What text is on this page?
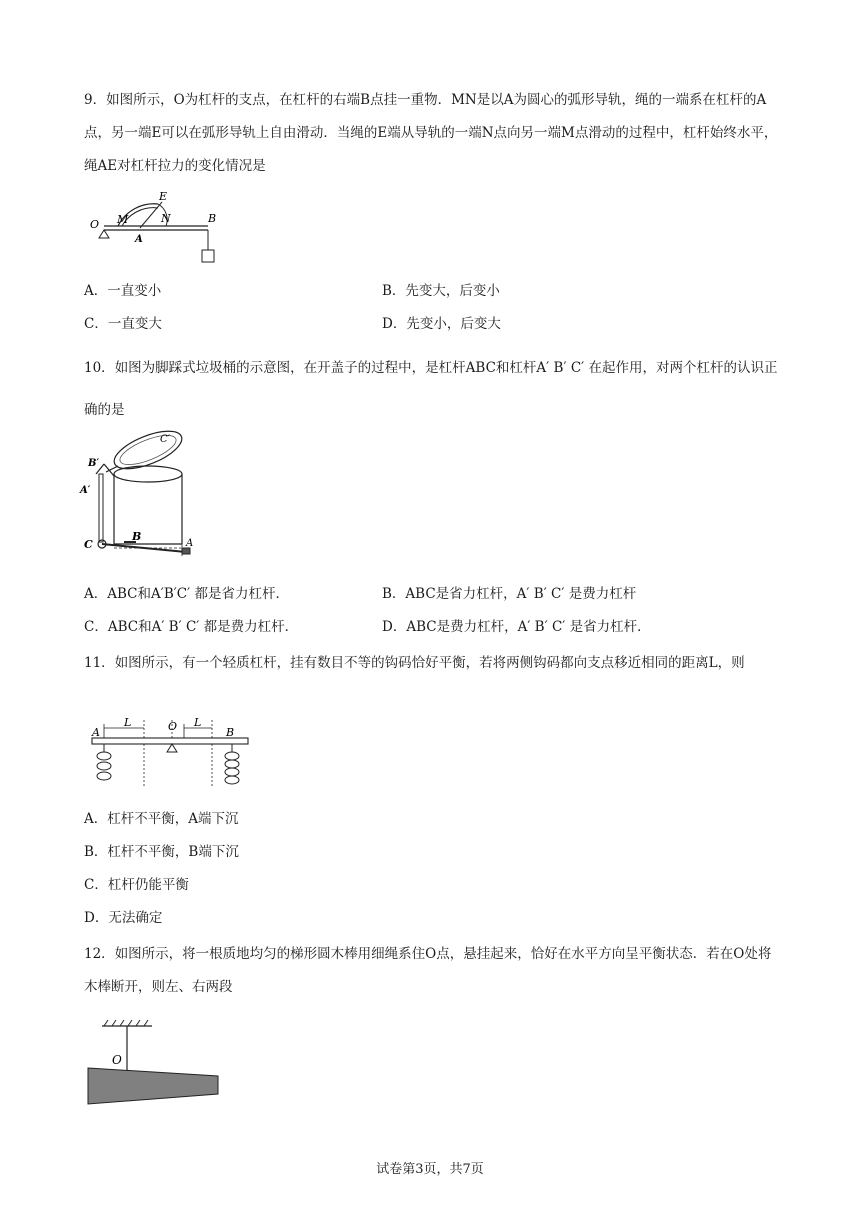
9．如图所示，O为杠杆的支点，在杠杆的右端B点挂一重物．MN是以A为圆心的弧形导轨，绳的一端系在杠杆的A点，另一端E可以在弧形导轨上自由滑动．当绳的E端从导轨的一端N点向另一端M点滑动的过程中，杠杆始终水平，绳AE对杠杆拉力的变化情况是
O M
E
N	B
A
A．一直变小	B．先变大，后变小
C．一直变大	D．先变小，后变大
10．如图为脚踩式垃圾桶的示意图，在开盖子的过程中，是杠杆ABC和杠杆A′ B′ C′ 在起作用，对两个杠杆的认识正确的是
C′
B′
A′
C
B
A
A．ABC和A′B′C′ 都是省力杠杆．	B．ABC是省力杠杆，A′ B′ C′ 是费力杠杆
C．ABC和A′ B′ C′ 都是费力杠杆．	D．ABC是费力杠杆，A′ B′ C′ 是省力杠杆．
11．如图所示，有一个轻质杠杆，挂有数目不等的钩码恰好平衡，若将两侧钩码都向支点移近相同的距离L，则
A
L	O L
B
A．杠杆不平衡，A端下沉
B．杠杆不平衡，B端下沉
C．杠杆仍能平衡
D．无法确定
12．如图所示，将一根质地均匀的梯形圆木棒用细绳系住O点，悬挂起来，恰好在水平方向呈平衡状态．若在O处将木棒断开，则左、右两段
O
试卷第3页，共7页
